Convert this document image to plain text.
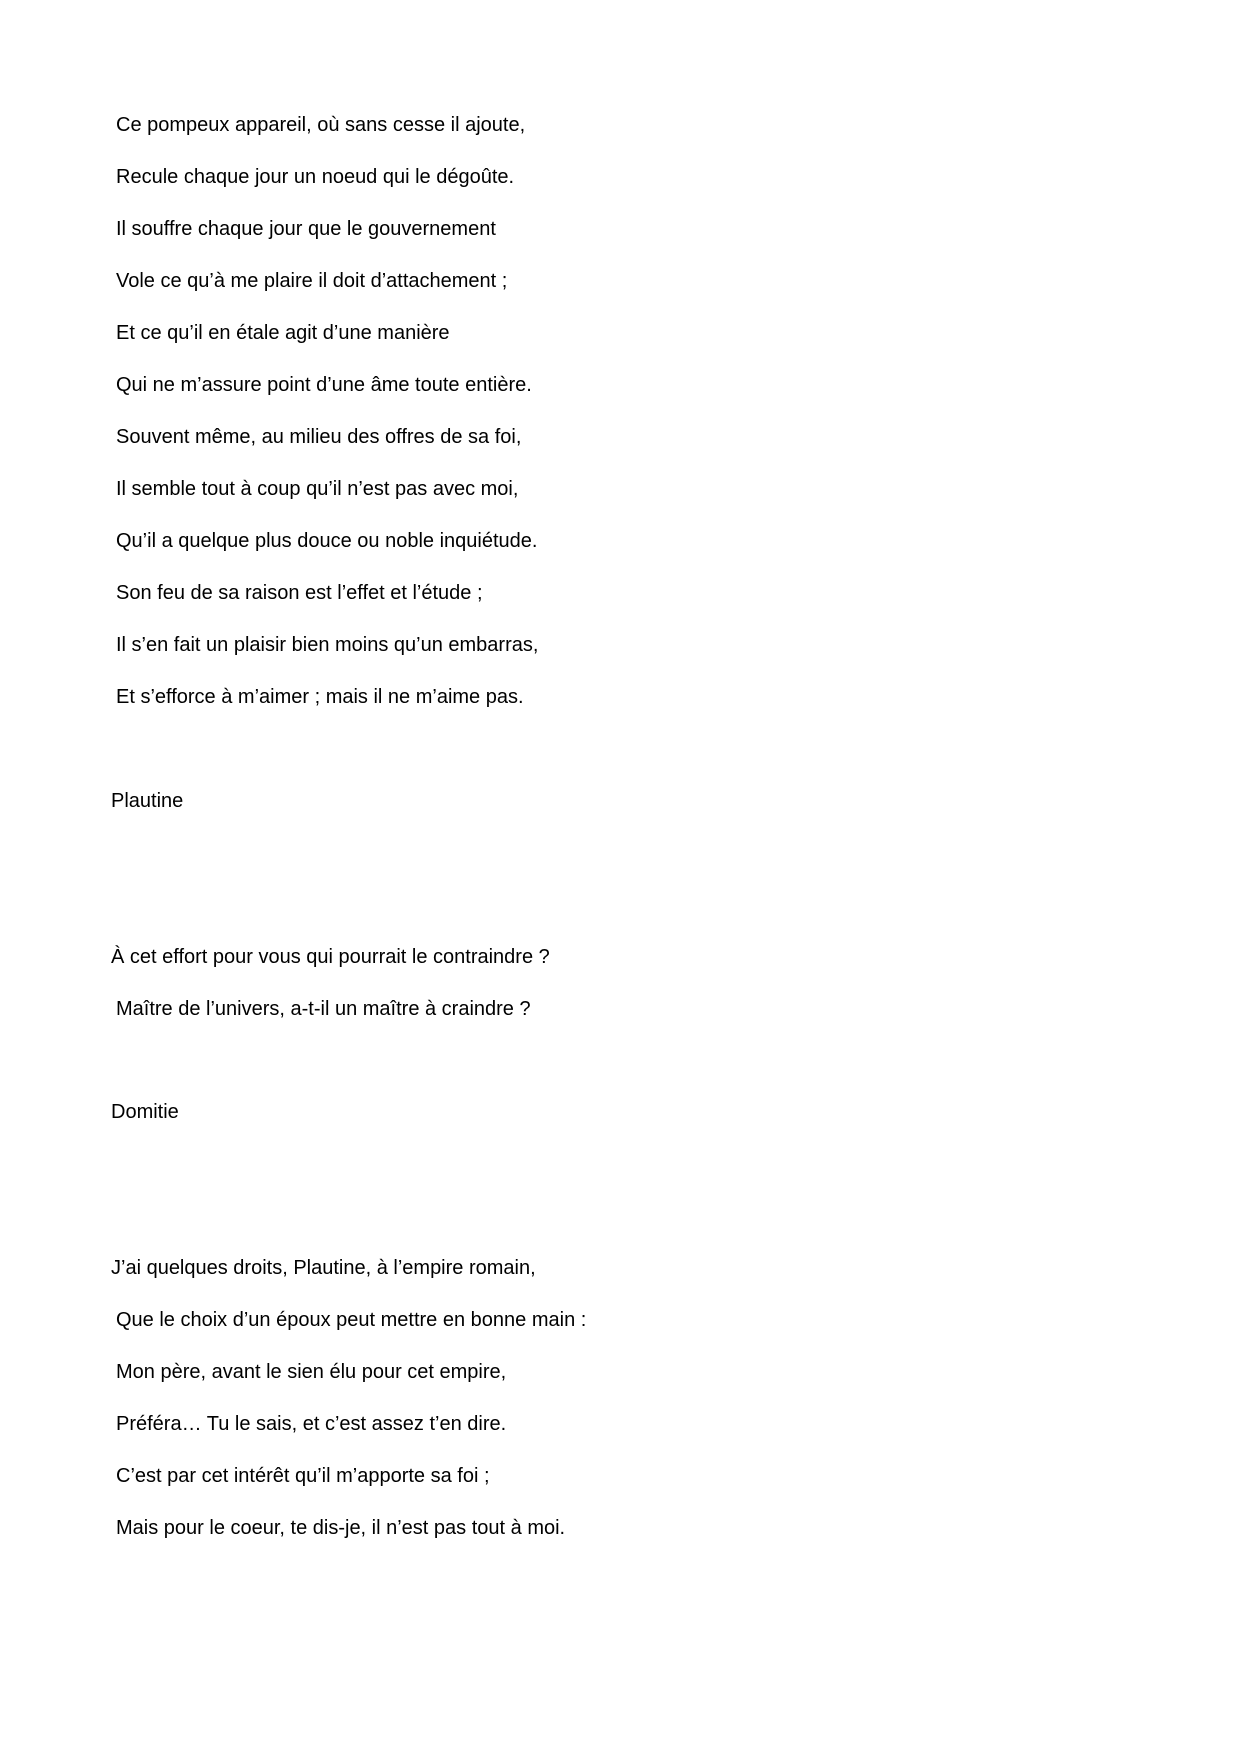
Ce pompeux appareil, où sans cesse il ajoute,
Recule chaque jour un noeud qui le dégoûte.
Il souffre chaque jour que le gouvernement
Vole ce qu’à me plaire il doit d’attachement ;
Et ce qu’il en étale agit d’une manière
Qui ne m’assure point d’une âme toute entière.
Souvent même, au milieu des offres de sa foi,
Il semble tout à coup qu’il n’est pas avec moi,
Qu’il a quelque plus douce ou noble inquiétude.
Son feu de sa raison est l’effet et l’étude ;
Il s’en fait un plaisir bien moins qu’un embarras,
Et s’efforce à m’aimer ; mais il ne m’aime pas.
Plautine
À cet effort pour vous qui pourrait le contraindre ?
Maître de l’univers, a-t-il un maître à craindre ?
Domitie
J’ai quelques droits, Plautine, à l’empire romain,
Que le choix d’un époux peut mettre en bonne main :
Mon père, avant le sien élu pour cet empire,
Préféra… Tu le sais, et c’est assez t’en dire.
C’est par cet intérêt qu’il m’apporte sa foi ;
Mais pour le coeur, te dis-je, il n’est pas tout à moi.
